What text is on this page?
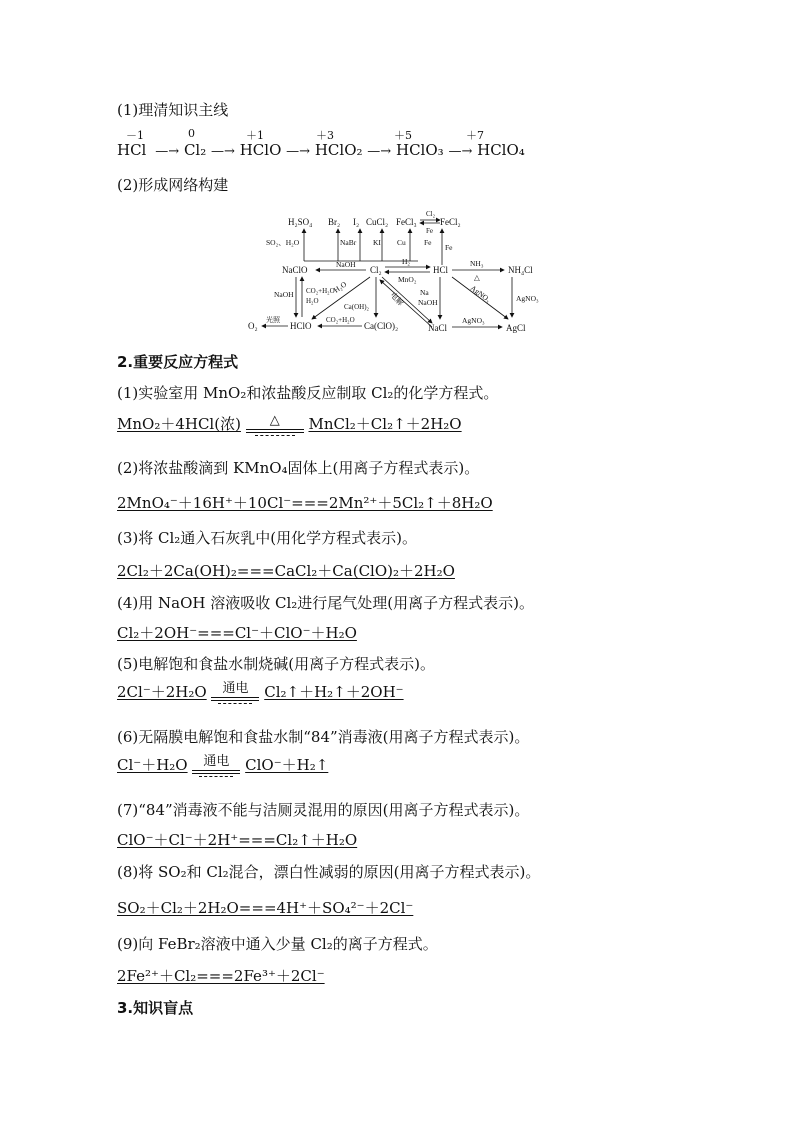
(1)理清知识主线
－1	0	＋1	＋3	＋5	＋7
HCl  —→ Cl₂ —→ HClO —→ HClO₂ —→ HClO₃ —→ HClO₄
(2)形成网络构建
H₂SO₄ Br₂ I₂ CuCl₂ FeCl₃	FeCl₂
Cl₂
Fe
SO₂、H₂O	NaBr KI Cu Fe
Fe
NaClO	Cl₂	HCl	NH₄Cl
NaOH	H₂
MnO₂
NH₃
△
NaOH CO₂+H₂O
H₂O
H₂O
Ca(OH)₂	电解 Na
NaOH	AgNO₃	AgNO₃
O₂	HClO	Ca(ClO)₂	NaCl	AgCl
光照	CO₂+H₂O	AgNO₃
2.重要反应方程式
(1)实验室用 MnO₂和浓盐酸反应制取 Cl₂的化学方程式。
MnO₂＋4HCl(浓)	△	MnCl₂＋Cl₂↑＋2H₂O
(2)将浓盐酸滴到 KMnO₄固体上(用离子方程式表示)。
2MnO₄⁻＋16H⁺＋10Cl⁻===2Mn²⁺＋5Cl₂↑＋8H₂O
(3)将 Cl₂通入石灰乳中(用化学方程式表示)。
2Cl₂＋2Ca(OH)₂===CaCl₂＋Ca(ClO)₂＋2H₂O
(4)用 NaOH 溶液吸收 Cl₂进行尾气处理(用离子方程式表示)。
Cl₂＋2OH⁻===Cl⁻＋ClO⁻＋H₂O
(5)电解饱和食盐水制烧碱(用离子方程式表示)。
2Cl⁻＋2H₂O	通电	Cl₂↑＋H₂↑＋2OH⁻
(6)无隔膜电解饱和食盐水制“84”消毒液(用离子方程式表示)。
Cl⁻＋H₂O	通电	ClO⁻＋H₂↑
(7)“84”消毒液不能与洁厕灵混用的原因(用离子方程式表示)。
ClO⁻＋Cl⁻＋2H⁺===Cl₂↑＋H₂O
(8)将 SO₂和 Cl₂混合，漂白性减弱的原因(用离子方程式表示)。
SO₂＋Cl₂＋2H₂O===4H⁺＋SO₄²⁻＋2Cl⁻
(9)向 FeBr₂溶液中通入少量 Cl₂的离子方程式。
2Fe²⁺＋Cl₂===2Fe³⁺＋2Cl⁻
3.知识盲点
